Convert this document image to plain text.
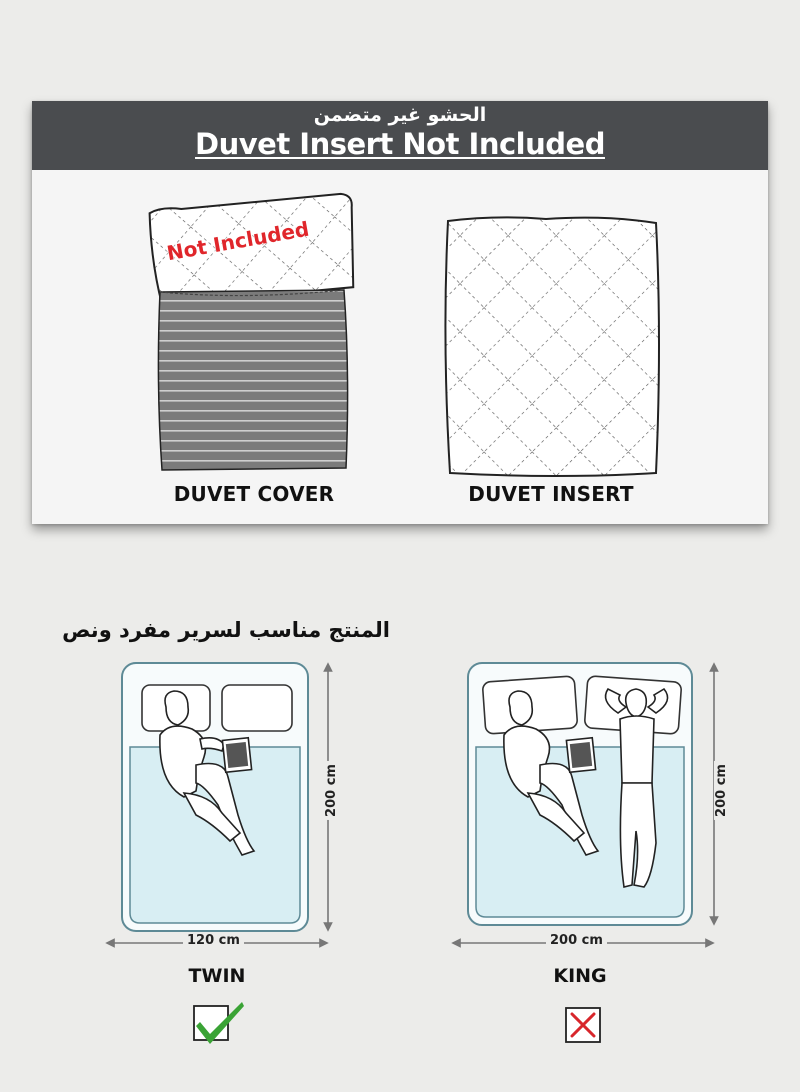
الحشو غير متضمن
Duvet Insert Not Included
Not Included
DUVET COVER	DUVET INSERT
المنتج مناسب لسرير مفرد ونص
120 cm
200 cm
TWIN
200 cm
200 cm
KING
